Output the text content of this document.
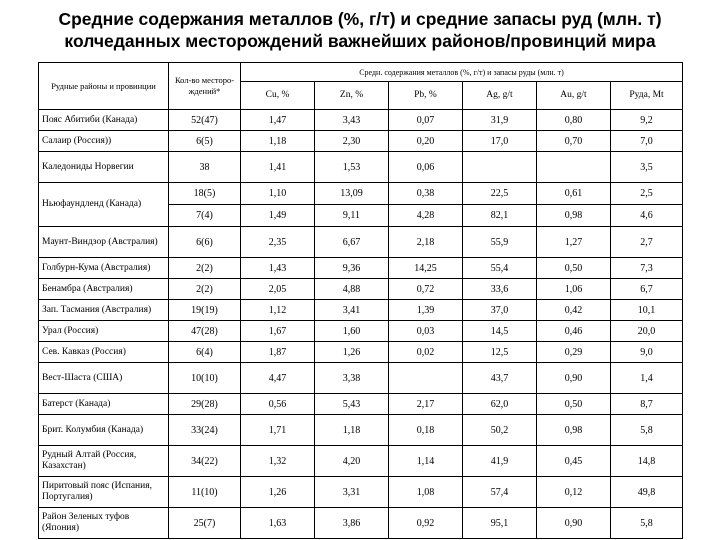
Средние содержания металлов (%, г/т) и средние запасы руд (млн. т)
колчеданных месторождений важнейших районов/провинций мира
Рудные районы и провинции	Кол-во месторо- ждений*	Средн. содержания металлов (%, г/т) и запасы руды (млн. т)					
		Cu, %	Zn, %	Pb, %	Ag, g/t	Au, g/t	Руда, Mt
Пояс Абитиби (Канада)	52(47)	1,47	3,43	0,07	31,9	0,80	9,2
Салаир (Россия))	6(5)	1,18	2,30	0,20	17,0	0,70	7,0
Каледониды Норвегии	38	1,41	1,53	0,06			3,5
Ньюфаундленд (Канада)	18(5)	1,10	13,09	0,38	22,5	0,61	2,5
	7(4)	1,49	9,11	4,28	82,1	0,98	4,6
Маунт-Виндзор (Австралия)	6(6)	2,35	6,67	2,18	55,9	1,27	2,7
Голбурн-Кума (Австралия)	2(2)	1,43	9,36	14,25	55,4	0,50	7,3
Бенамбра (Австралия)	2(2)	2,05	4,88	0,72	33,6	1,06	6,7
Зап. Тасмания (Австралия)	19(19)	1,12	3,41	1,39	37,0	0,42	10,1
Урал (Россия)	47(28)	1,67	1,60	0,03	14,5	0,46	20,0
Сев. Кавказ (Россия)	6(4)	1,87	1,26	0,02	12,5	0,29	9,0
Вест-Шаста (США)	10(10)	4,47	3,38		43,7	0,90	1,4
Батерст (Канада)	29(28)	0,56	5,43	2,17	62,0	0,50	8,7
Брит. Колумбия (Канада)	33(24)	1,71	1,18	0,18	50,2	0,98	5,8
Рудный Алтай (Россия, Казахстан)	34(22)	1,32	4,20	1,14	41,9	0,45	14,8
Пиритовый пояс (Испания, Португалия)	11(10)	1,26	3,31	1,08	57,4	0,12	49,8
Район Зеленых туфов (Япония)	25(7)	1,63	3,86	0,92	95,1	0,90	5,8
